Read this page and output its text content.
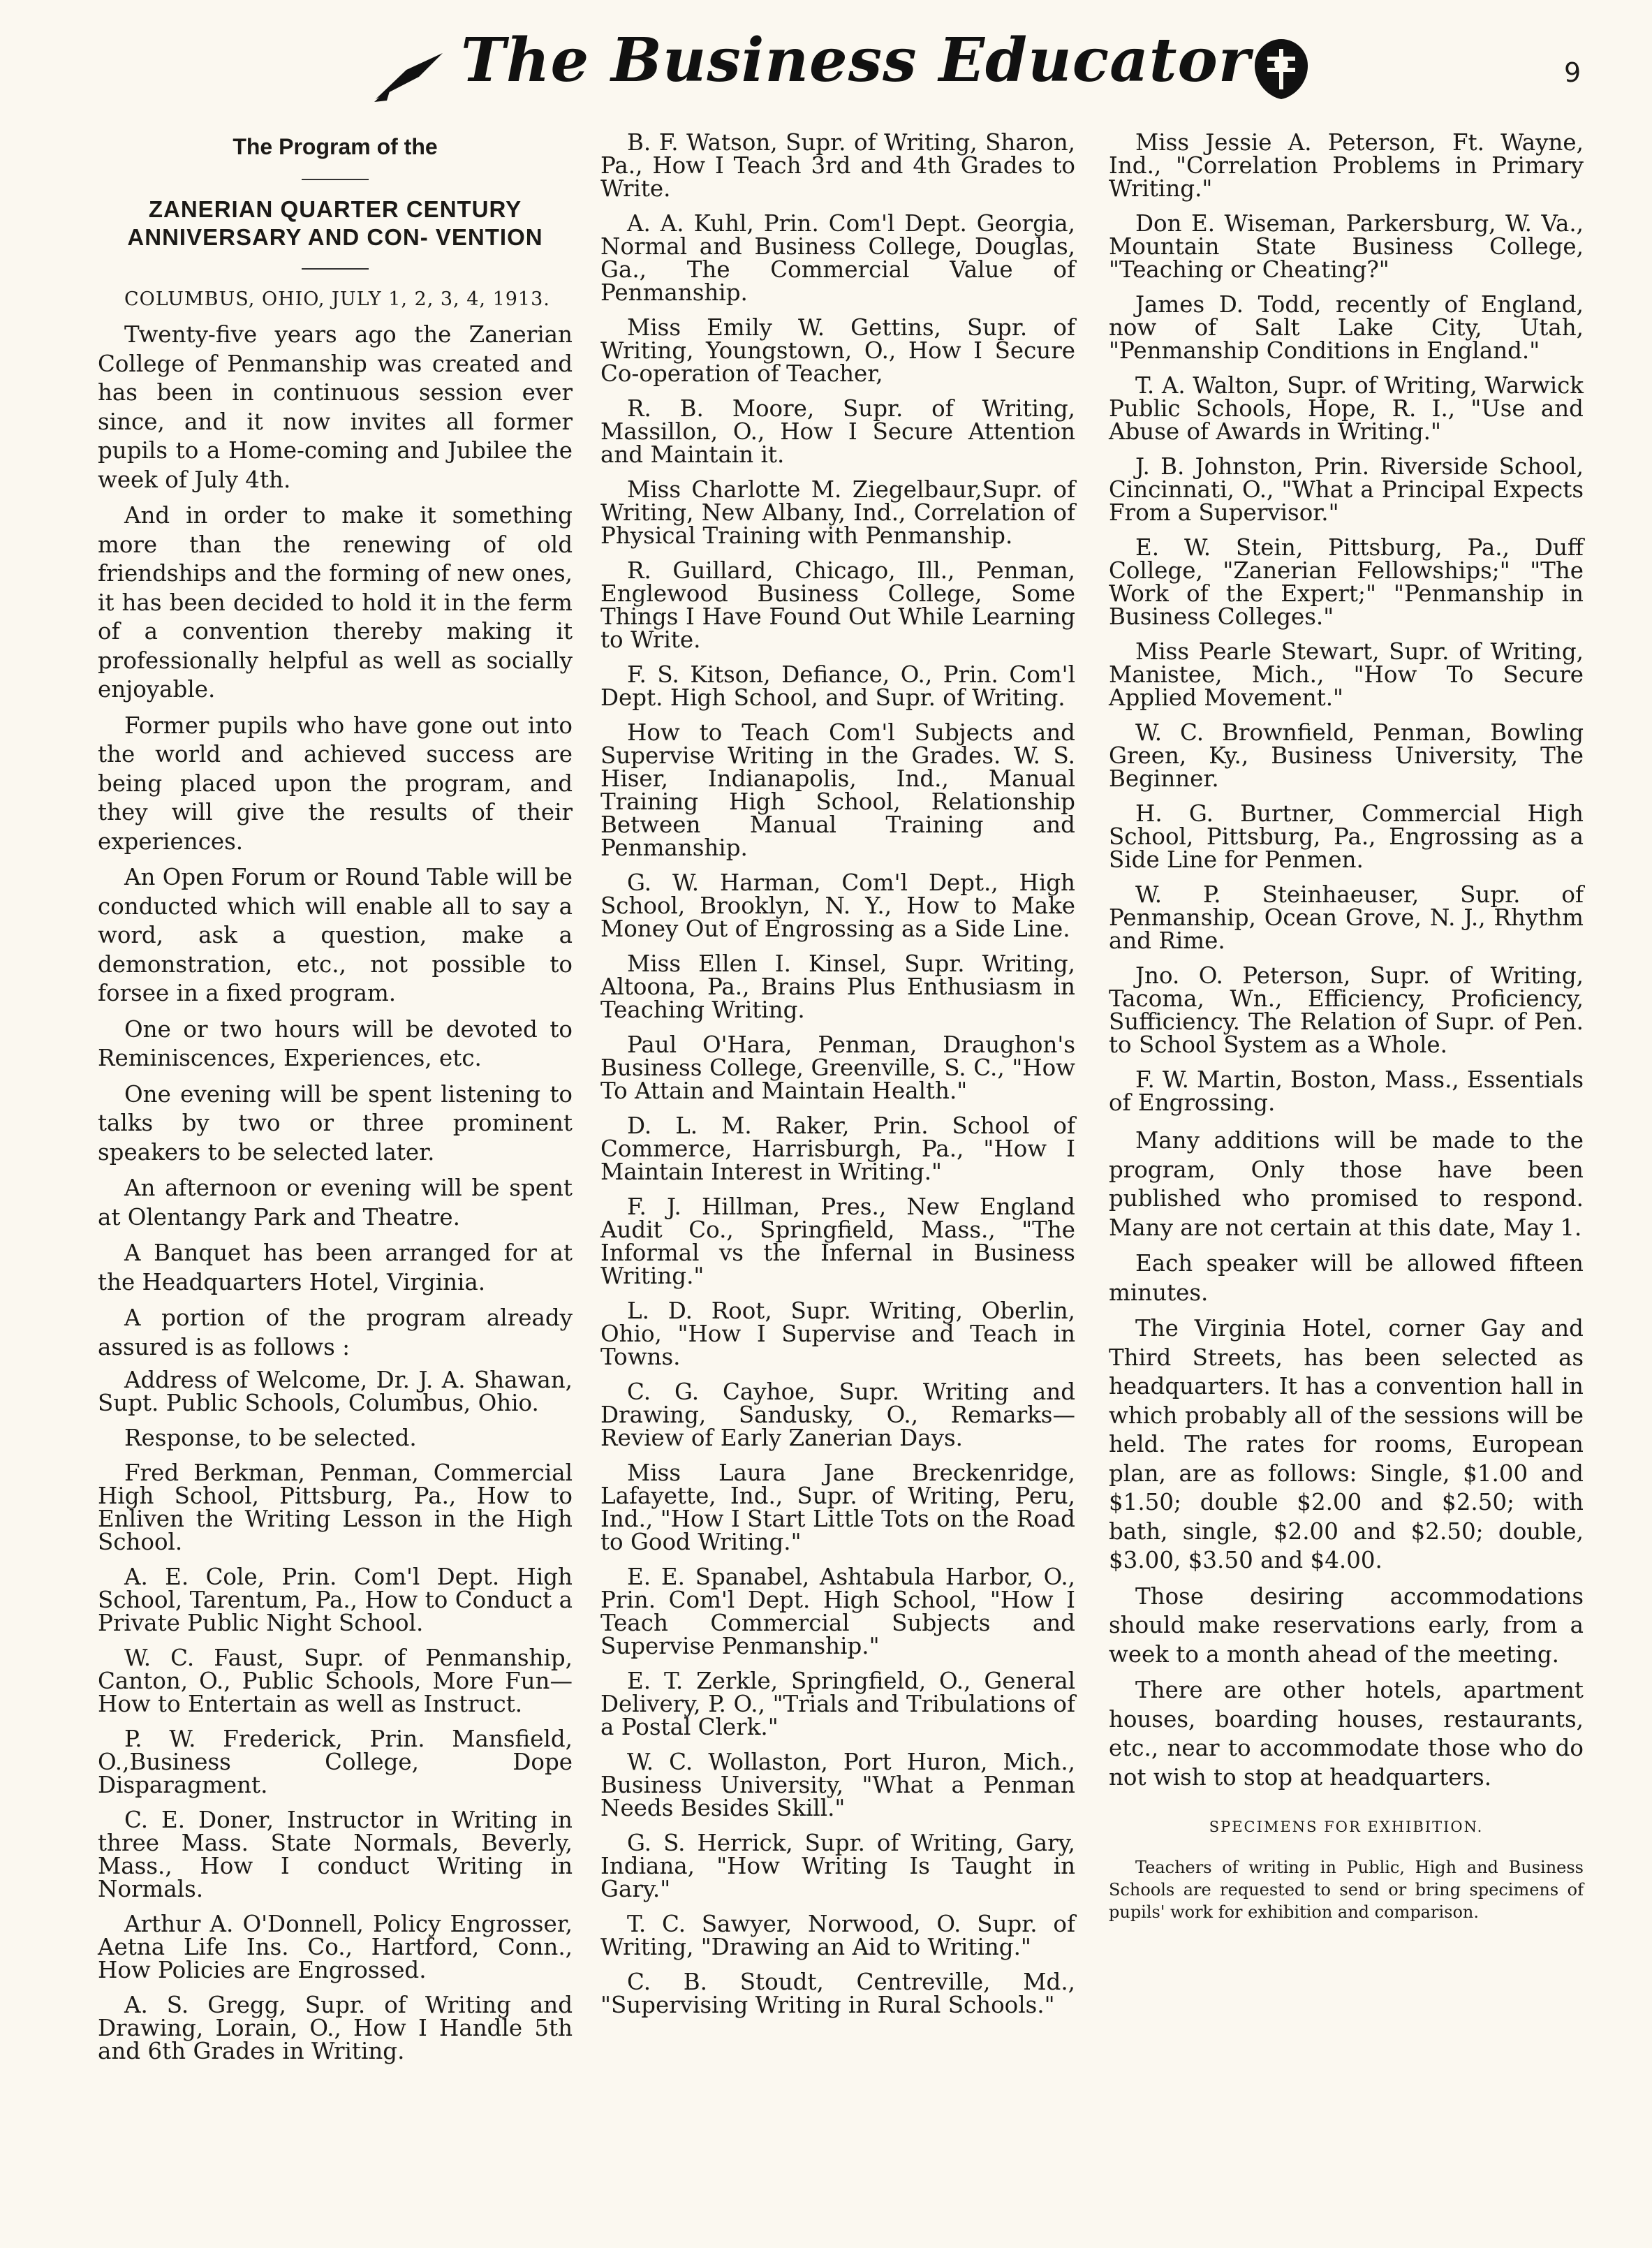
The Business Educator	9
The Program of the
ZANERIAN QUARTER CENTURY ANNIVERSARY AND CON- VENTION

COLUMBUS, OHIO, JULY 1, 2, 3, 4, 1913.

Twenty-five years ago the Zanerian College of Penmanship was created and has been in continuous session ever since, and it now invites all former pupils to a Home-coming and Jubilee the week of July 4th.

And in order to make it something more than the renewing of old friendships and the forming of new ones, it has been decided to hold it in the ferm of a convention thereby making it professionally helpful as well as socially enjoyable.

Former pupils who have gone out into the world and achieved success are being placed upon the program, and they will give the results of their experiences.

An Open Forum or Round Table will be conducted which will enable all to say a word, ask a question, make a demonstration, etc., not possible to forsee in a fixed program.

One or two hours will be devoted to Reminiscences, Experiences, etc.

One evening will be spent listening to talks by two or three prominent speakers to be selected later.

An afternoon or evening will be spent at Olentangy Park and Theatre.

A Banquet has been arranged for at the Headquarters Hotel, Virginia.

A portion of the program already assured is as follows :

Address of Welcome, Dr. J. A. Shawan, Supt. Public Schools, Columbus, Ohio.

Response, to be selected.

Fred Berkman, Penman, Commercial High School, Pittsburg, Pa., How to Enliven the Writing Lesson in the High School.

A. E. Cole, Prin. Com'l Dept. High School, Tarentum, Pa., How to Conduct a Private Public Night School.

W. C. Faust, Supr. of Penmanship, Canton, O., Public Schools, More Fun—How to Entertain as well as Instruct.

P. W. Frederick, Prin. Mansfield, O.,Business College, Dope Disparagment.

C. E. Doner, Instructor in Writing in three Mass. State Normals, Beverly, Mass., How I conduct Writing in Normals.

Arthur A. O'Donnell, Policy Engrosser, Aetna Life Ins. Co., Hartford, Conn., How Policies are Engrossed.

A. S. Gregg, Supr. of Writing and Drawing, Lorain, O., How I Handle 5th and 6th Grades in Writing.

B. F. Watson, Supr. of Writing, Sharon, Pa., How I Teach 3rd and 4th Grades to Write.

A. A. Kuhl, Prin. Com'l Dept. Georgia, Normal and Business College, Douglas, Ga., The Commercial Value of Penmanship.

Miss Emily W. Gettins, Supr. of Writing, Youngstown, O., How I Secure Co-operation of Teacher,

R. B. Moore, Supr. of Writing, Massillon, O., How I Secure Attention and Maintain it.

Miss Charlotte M. Ziegelbaur,Supr. of Writing, New Albany, Ind., Correlation of Physical Training with Penmanship.

R. Guillard, Chicago, Ill., Penman, Englewood Business College, Some Things I Have Found Out While Learning to Write.

F. S. Kitson, Defiance, O., Prin. Com'l Dept. High School, and Supr. of Writing.

How to Teach Com'l Subjects and Supervise Writing in the Grades. W. S. Hiser, Indianapolis, Ind., Manual Training High School, Relationship Between Manual Training and Penmanship.

G. W. Harman, Com'l Dept., High School, Brooklyn, N. Y., How to Make Money Out of Engrossing as a Side Line.

Miss Ellen I. Kinsel, Supr. Writing, Altoona, Pa., Brains Plus Enthusiasm in Teaching Writing.

Paul O'Hara, Penman, Draughon's Business College, Greenville, S. C., "How To Attain and Maintain Health."

D. L. M. Raker, Prin. School of Commerce, Harrisburgh, Pa., "How I Maintain Interest in Writing."

F. J. Hillman, Pres., New England Audit Co., Springfield, Mass., "The Informal vs the Infernal in Business Writing."

L. D. Root, Supr. Writing, Oberlin, Ohio, "How I Supervise and Teach in Towns.

C. G. Cayhoe, Supr. Writing and Drawing, Sandusky, O., Remarks—Review of Early Zanerian Days.

Miss Laura Jane Breckenridge, Lafayette, Ind., Supr. of Writing, Peru, Ind., "How I Start Little Tots on the Road to Good Writing."

E. E. Spanabel, Ashtabula Harbor, O., Prin. Com'l Dept. High School, "How I Teach Commercial Subjects and Supervise Penmanship."

E. T. Zerkle, Springfield, O., General Delivery, P. O., "Trials and Tribulations of a Postal Clerk."

W. C. Wollaston, Port Huron, Mich., Business University, "What a Penman Needs Besides Skill."

G. S. Herrick, Supr. of Writing, Gary, Indiana, "How Writing Is Taught in Gary."

T. C. Sawyer, Norwood, O. Supr. of Writing, "Drawing an Aid to Writing."

C. B. Stoudt, Centreville, Md., "Supervising Writing in Rural Schools."

Miss Jessie A. Peterson, Ft. Wayne, Ind., "Correlation Problems in Primary Writing."

Don E. Wiseman, Parkersburg, W. Va., Mountain State Business College, "Teaching or Cheating?"

James D. Todd, recently of England, now of Salt Lake City, Utah, "Penmanship Conditions in England."

T. A. Walton, Supr. of Writing, Warwick Public Schools, Hope, R. I., "Use and Abuse of Awards in Writing."

J. B. Johnston, Prin. Riverside School, Cincinnati, O., "What a Principal Expects From a Supervisor."

E. W. Stein, Pittsburg, Pa., Duff College, "Zanerian Fellowships;" "The Work of the Expert;" "Penmanship in Business Colleges."

Miss Pearle Stewart, Supr. of Writing, Manistee, Mich., "How To Secure Applied Movement."

W. C. Brownfield, Penman, Bowling Green, Ky., Business University, The Beginner.

H. G. Burtner, Commercial High School, Pittsburg, Pa., Engrossing as a Side Line for Penmen.

W. P. Steinhaeuser, Supr. of Penmanship, Ocean Grove, N. J., Rhythm and Rime.

Jno. O. Peterson, Supr. of Writing, Tacoma, Wn., Efficiency, Proficiency, Sufficiency. The Relation of Supr. of Pen. to School System as a Whole.

F. W. Martin, Boston, Mass., Essentials of Engrossing.

Many additions will be made to the program, Only those have been published who promised to respond. Many are not certain at this date, May 1.

Each speaker will be allowed fifteen minutes.

The Virginia Hotel, corner Gay and Third Streets, has been selected as headquarters. It has a convention hall in which probably all of the sessions will be held. The rates for rooms, European plan, are as follows: Single, $1.00 and $1.50; double $2.00 and $2.50; with bath, single, $2.00 and $2.50; double, $3.00, $3.50 and $4.00.

Those desiring accommodations should make reservations early, from a week to a month ahead of the meeting.

There are other hotels, apartment houses, boarding houses, restaurants, etc., near to accommodate those who do not wish to stop at headquarters.

SPECIMENS FOR EXHIBITION.

Teachers of writing in Public, High and Business Schools are requested to send or bring specimens of pupils' work for exhibition and comparison.
